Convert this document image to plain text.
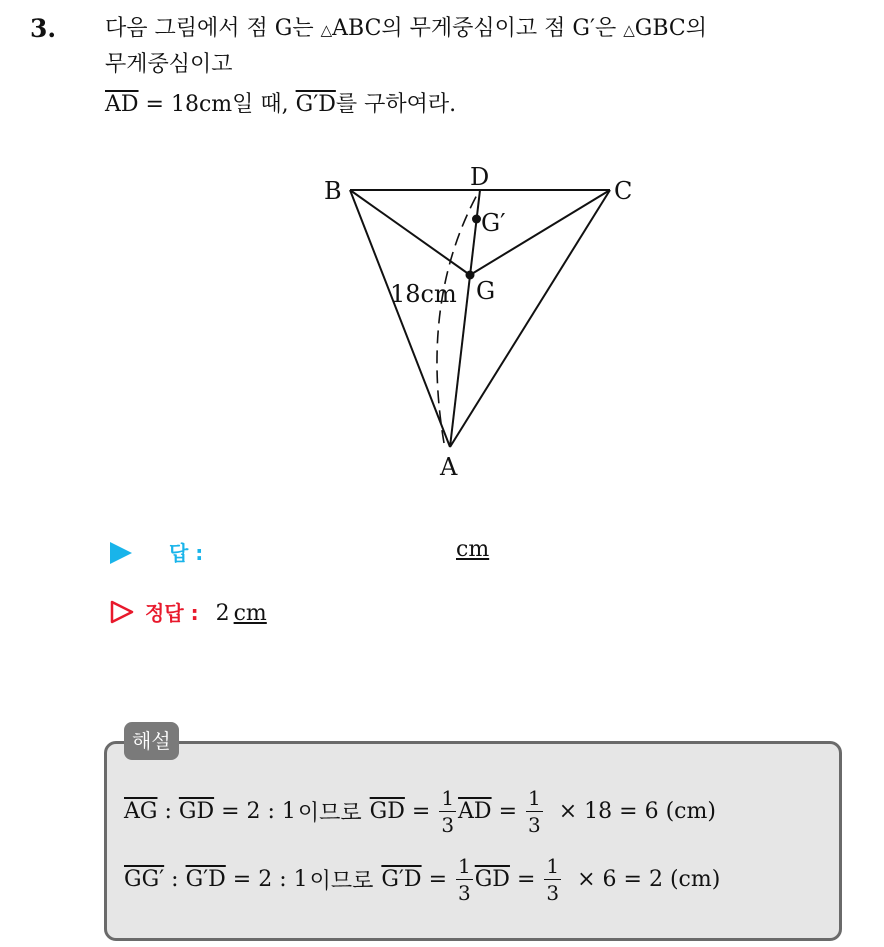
3. 다음 그림에서 점 G는 △ABC의 무게중심이고 점 G′은 △GBC의
무게중심이고
$\overline{AD} = 18cm$일 때, G′D를 구하여라.
B	D	C
G′
G
18cm
A
답 :	cm
정답 : 2 cm
해설
$\overline{AG}$ : $\overline{GD} = 2$ : 1 이므로 $\overline{GD} = \frac{1}{3} \overline{AD} = \frac{1}{3} \times 18 = 6$ (cm)
GG′ : G′D = 2 : 1 이므로 $G'D = \frac{1}{3} \overline{GD} = \frac{1}{3} \times 6 = 2$ (cm)
